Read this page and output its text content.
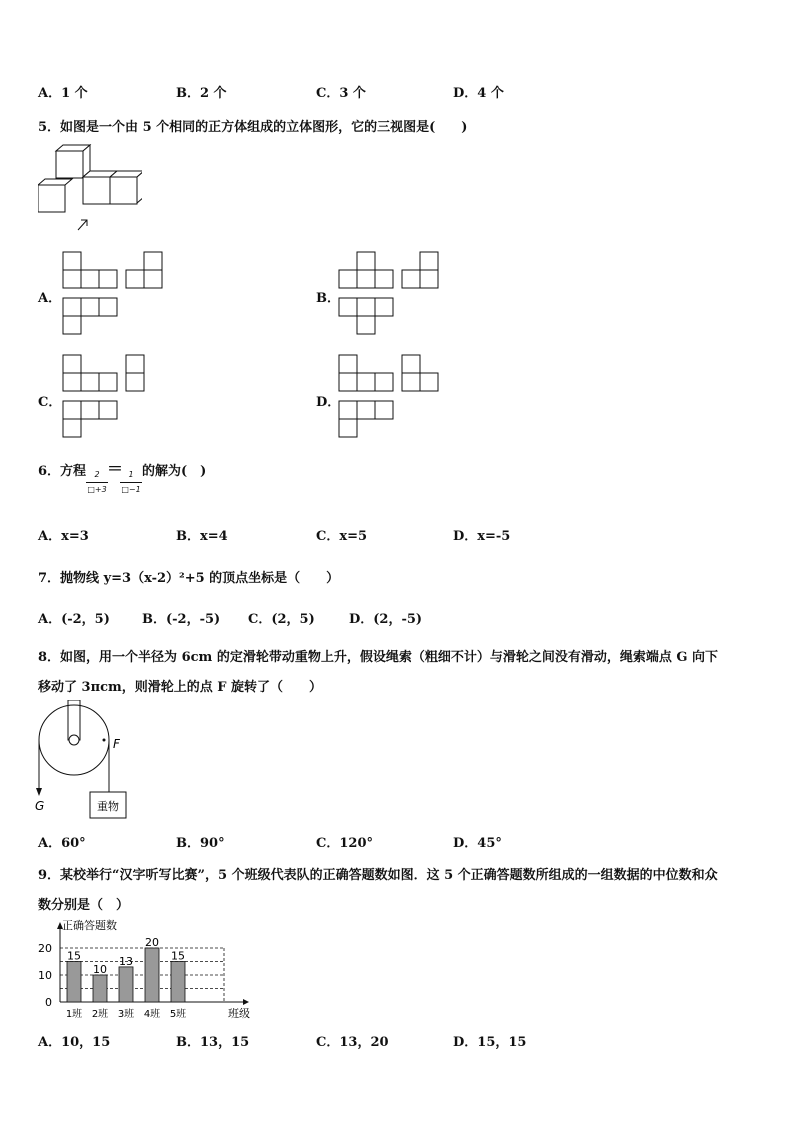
A．1 个	B．2 个	C．3 个	D．4 个
5．如图是一个由 5 个相同的正方体组成的立体图形，它的三视图是(　　)
A．	B．
C．	D．
6．方程	2
□+3
＝ 1
□−1
的解为(　)
A．x=3	B．x=4	C．x=5	D．x=-5
7．抛物线 y=3（x-2）²+5 的顶点坐标是（　　）
A．(-2，5) B．(-2，-5) C．(2，5)	D．(2，-5)
8．如图，用一个半径为 6cm 的定滑轮带动重物上升，假设绳索（粗细不计）与滑轮之间没有滑动，绳索端点 G 向下
移动了 3πcm，则滑轮上的点 F 旋转了（　　）
F
G	重物
A．60°	B．90°	C．120°	D．45°
9．某校举行“汉字听写比赛”，5 个班级代表队的正确答题数如图．这 5 个正确答题数所组成的一组数据的中位数和众
数分别是（　）
正确答题数
班级
0
10
20
15
1班
10
2班
13
3班
20
4班
15
5班
A．10，15	B．13，15	C．13，20	D．15，15
